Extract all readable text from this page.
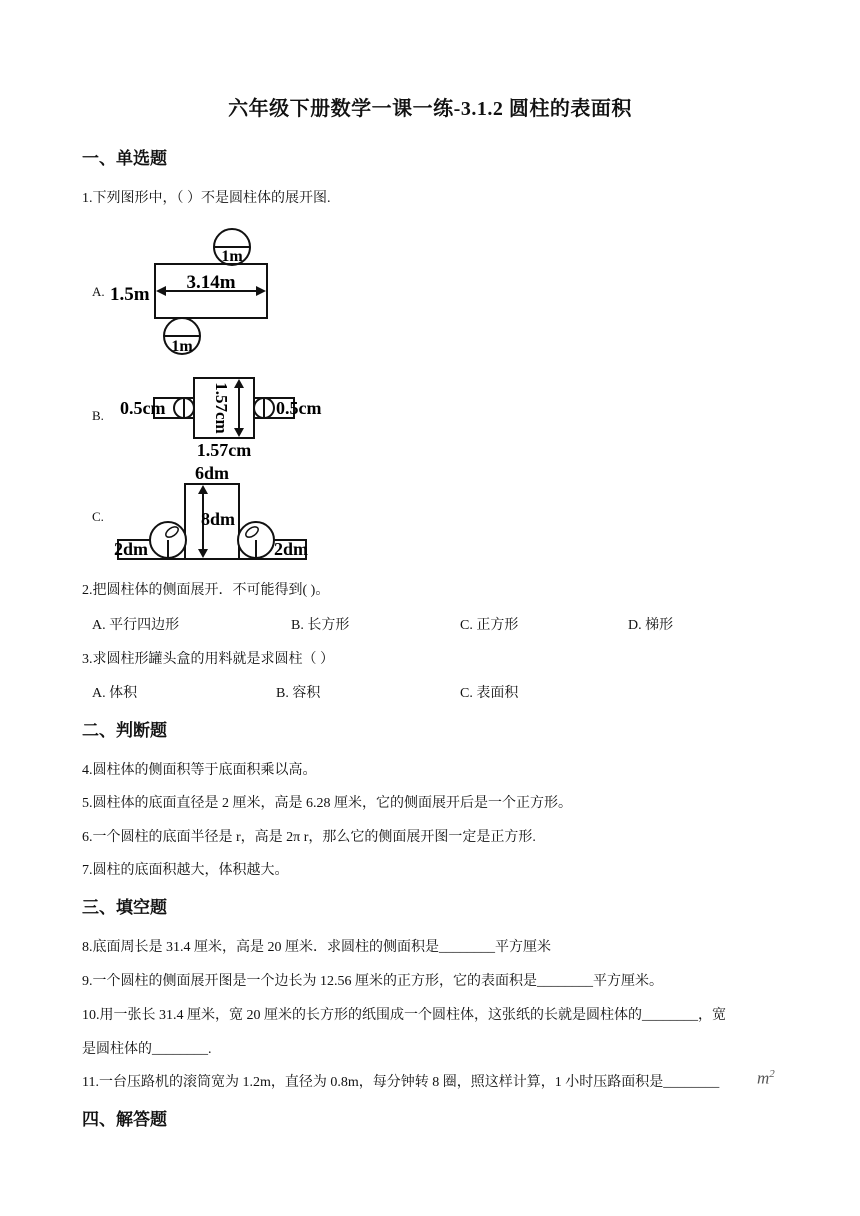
六年级下册数学一课一练-3.1.2 圆柱的表面积
一、单选题
1.下列图形中，（ ）不是圆柱体的展开图.
A.
1m
1m
3.14m
1.5m
B. 0.5cm	0.5cm
1.57cm
1.57cm
C.
6dm
8dm
2dm	2dm
2.把圆柱体的侧面展开．不可能得到( )。
A. 平行四边形	B. 长方形	C. 正方形	D. 梯形
3.求圆柱形罐头盒的用料就是求圆柱（ ）
A. 体积	B. 容积	C. 表面积
二、判断题
4.圆柱体的侧面积等于底面积乘以高。
5.圆柱体的底面直径是 2 厘米，高是 6.28 厘米，它的侧面展开后是一个正方形。
6.一个圆柱的底面半径是 r，高是 2π r，那么它的侧面展开图一定是正方形.
7.圆柱的底面积越大，体积越大。
三、填空题
8.底面周长是 31.4 厘米，高是 20 厘米．求圆柱的侧面积是________平方厘米
9.一个圆柱的侧面展开图是一个边长为 12.56 厘米的正方形，它的表面积是________平方厘米。
10.用一张长 31.4 厘米，宽 20 厘米的长方形的纸围成一个圆柱体，这张纸的长就是圆柱体的________，宽
是圆柱体的________.
11.一台压路机的滚筒宽为 1.2m，直径为 0.8m，每分钟转 8 圈，照这样计算，1 小时压路面积是________ $m^2$
四、解答题
